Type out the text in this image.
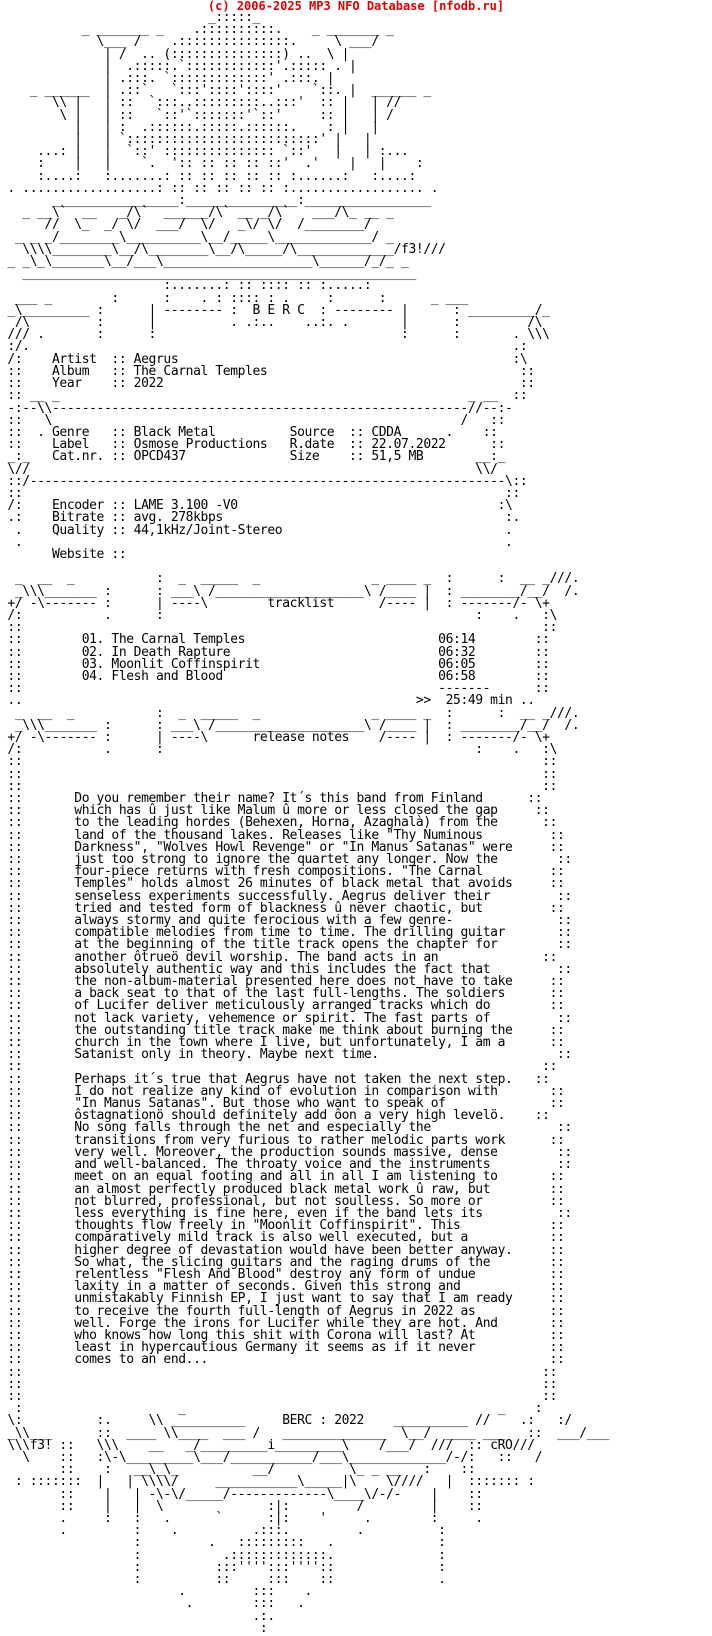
(c) 2006-2025 MP3 NFO Database [nfodb.ru]
_:::::_
_ _______ _    .::::::::::.    _ _______ _
\___ /    .:::::::::::::::.     \ ___/
| /  .. (:::::::::::::::) ..  \ |
|  .:::::.`::::::::::::'.::::: . |
| .:::. `:::::::::::::' .:::. |
_ ______  | .::`   `:::'::::'::::'    `::. |  ______ _
\\ |   | ::  `:::..:::::::::..:::'  :: |   | //
\ |   | ::   `::'`:::::::'`::'     :: |   | /
|   | :  .::::::.:::::.::::::.    : |   |
|   | `::::::::::::::::::::::::::' |   |
...: |   |  `::' ::::::::::::::: `::'   |   | :...
:    |   |    `.  ':: :: :: :: ::'  .'    |   |    :
:....:   :.......: :: :: :: :: :: :......:   :....:
. ..................: :: :: :: :: :: :.................. .
_________________:_______________:_________________
_ __\`  __   _/\`  ______/\` __ _/\`   ___/\_ __ _
//  \_  _/ \/  ___/  \/   _\/ \/  /________/
_ _ _/________\__________\__/_____\_____________/ _
\\\\________\__/\________\__/\_____/\_____________/f3!///
_ _\_\_______\__/___\____________________\______/_/_ _
_____________________________________________________
:.......: :: :::: :: :.....:
___ _        :      :    . : :::: : .     :      :      _ ___
_\_________ :      | -------- :  B E R C  : -------- |      : _________/_
/\         :      |          . .:..    ..:. .       |      :         /\
/// .       :      :                                 :      :       . \\\
:/.                                                                 .:
/:    Artist  :: Aegrus                                             :\
::    Album   :: The Carnal Temples                                  ::
::    Year    :: 2022                                                ::
:: __ _                                                       _ __  ::
-:--\\--------------------------------------------------------//--:-
::   \                                                       /   ::
::  . Genre   :: Black Metal          Source  :: CDDA      .    ::
::    Label   :: Osmose Productions   R.date  :: 22.07.2022      ::
_:_   Cat.nr. :: OPCD437              Size    :: 51,5 MB       __:_
\//                                                            \\/
::/----------------------------------------------------------------\::
::                                                                 ::
/:    Encoder :: LAME 3.100 -V0                                   :\
.:    Bitrate :: avg. 278kbps                                      :.
.    Quality :: 44,1kHz/Joint-Stereo                              .
.                                                                 .
Website ::

_  __  _           :  _  _____  _               _ ____ _  :      :  __ _///.
_\\\_______ :      : ___\ /____________________\ /____ |  : ________/__/  /.
+/ -\------- :      | ----\        tracklist      /---- |  : -------/- \+
/:           .      :                                          :    .   :\
::                                                                      ::
::        01. The Carnal Temples                          06:14        ::
::        02. In Death Rapture                            06:32        ::
::        03. Moonlit Coffinspirit                        06:05        ::
::        04. Flesh and Blood                             06:58        ::
::                                                        -------      ::
..                                                     >>  25:49 min ..
_  __  _           :  _  _____  _               _ ____ _  :      :  __ _///.
_\\\_______ :      : ___\ /____________________\ /____ |  : ________/__/  /.
+/ -\------- :      | ----\      release notes    /---- |  : -------/- \+
/:           .      :                                          :    .   :\
::                                                                      ::
::                                                                      ::
::                                                                      ::
::       Do you remember their name? It´s this band from Finland      ::
::       which has û just like Malum û more or less closed the gap     ::
::       to the leading hordes (Behexen, Horna, Azaghalà) from the      ::
::       land of the thousand lakes. Releases like "Thy Numinous         ::
::       Darkness", "Wolves Howl Revenge" or "In Manus Satanas" were     ::
::       just too strong to ignore the quartet any longer. Now the        ::
::       four-piece returns with fresh compositions. "The Carnal         ::
::       Temples" holds almost 26 minutes of black metal that avoids     ::
::       senseless experiments successfully. Aegrus deliver their         ::
::       tried and tested form of blackness û never chaotic, but         ::
::       always stormy and quite ferocious with a few genre-              ::
::       compatible melodies from time to time. The drilling guitar       ::
::       at the beginning of the title track opens the chapter for        ::
::       another ôtrueö devil worship. The band acts in an              ::
::       absolutely authentic way and this includes the fact that         ::
::       the non-album-material presented here does not have to take     ::
::       a back seat to that of the last full-lengths. The soldiers      ::
::       of Lucifer deliver meticulously arranged tracks which do        ::
::       not lack variety, vehemence or spirit. The fast parts of         ::
::       the outstanding title track make me think about burning the     ::
::       church in the town where I live, but unfortunately, I am a      ::
::       Satanist only in theory. Maybe next time.                        ::
::                                                                      ::
::       Perhaps it´s true that Aegrus have not taken the next step.   ::
::       I do not realize any kind of evolution in comparison with       ::
::       "In Manus Satanas". But those who want to speak of              ::
::       ôstagnationö should definitely add ôon a very high levelö.    ::
::       No song falls through the net and especially the                 ::
::       transitions from very furious to rather melodic parts work      ::
::       very well. Moreover, the production sounds massive, dense        ::
::       and well-balanced. The throaty voice and the instruments         ::
::       meet on an equal footing and all in all I am listening to       ::
::       an almost perfectly produced black metal work û raw, but        ::
::       not blurred, professional, but not soulless. So more or         ::
::       less everything is fine here, even if the band lets its          ::
::       thoughts flow freely in "Moonlit Coffinspirit". This            ::
::       comparatively mild track is also well executed, but a           ::
::       higher degree of devastation would have been better anyway.     ::
::       So what, the slicing guitars and the raging drums of the        ::
::       relentless "Flesh And Blood" destroy any form of undue          ::
::       laxity in a matter of seconds. Given this strong and            ::
::       unmistakably Finnish EP, I just want to say that I am ready     ::
::       to receive the fourth full-length of Aegrus in 2022 as          ::
::       well. Forge the irons for Lucifer while they are hot. And       ::
::       who knows how long this shit with Corona will last? At          ::
::       least in hypercautious Germany it seems as if it never          ::
::       comes to an end...                                              ::
::                                                                      ::
::                                                                      ::
::                                                                      ::
:                     _                                          _    :
\:          :.     \\ __________     BERC : 2022    __________ //    .:   :/
_\\___      ::  ____ \\____  ___ /   ______________  \__/  ____ ___   ::  ___/___
\\\f3! ::   \\\    __   _/_________i_________\    /___/  ///  :: cRO///
\    ::   :\-\_________\___/___________/___\_____________/-/:   ::   /
::    :   __\_\_          __/          \_ _ __   :    ::
: :::::::  |   | \\\\/     ___________\_____|\    \////   |  ::::::: :
::    |   | -\-\/_____/-------------\____\/-/-    |    ::
::    |   |  \              :|:         /         |    ::
.     :   :   .      `      :|:    '     .        :     .
.         :    .          .:::.         .          :
:         .   :::::::::   .              :
:           .:::::::::::::.              :
:          :::'''':::''''::              :
:          ::     :::    ::              .
.         :::    .
.        :::   .
.:.
:
